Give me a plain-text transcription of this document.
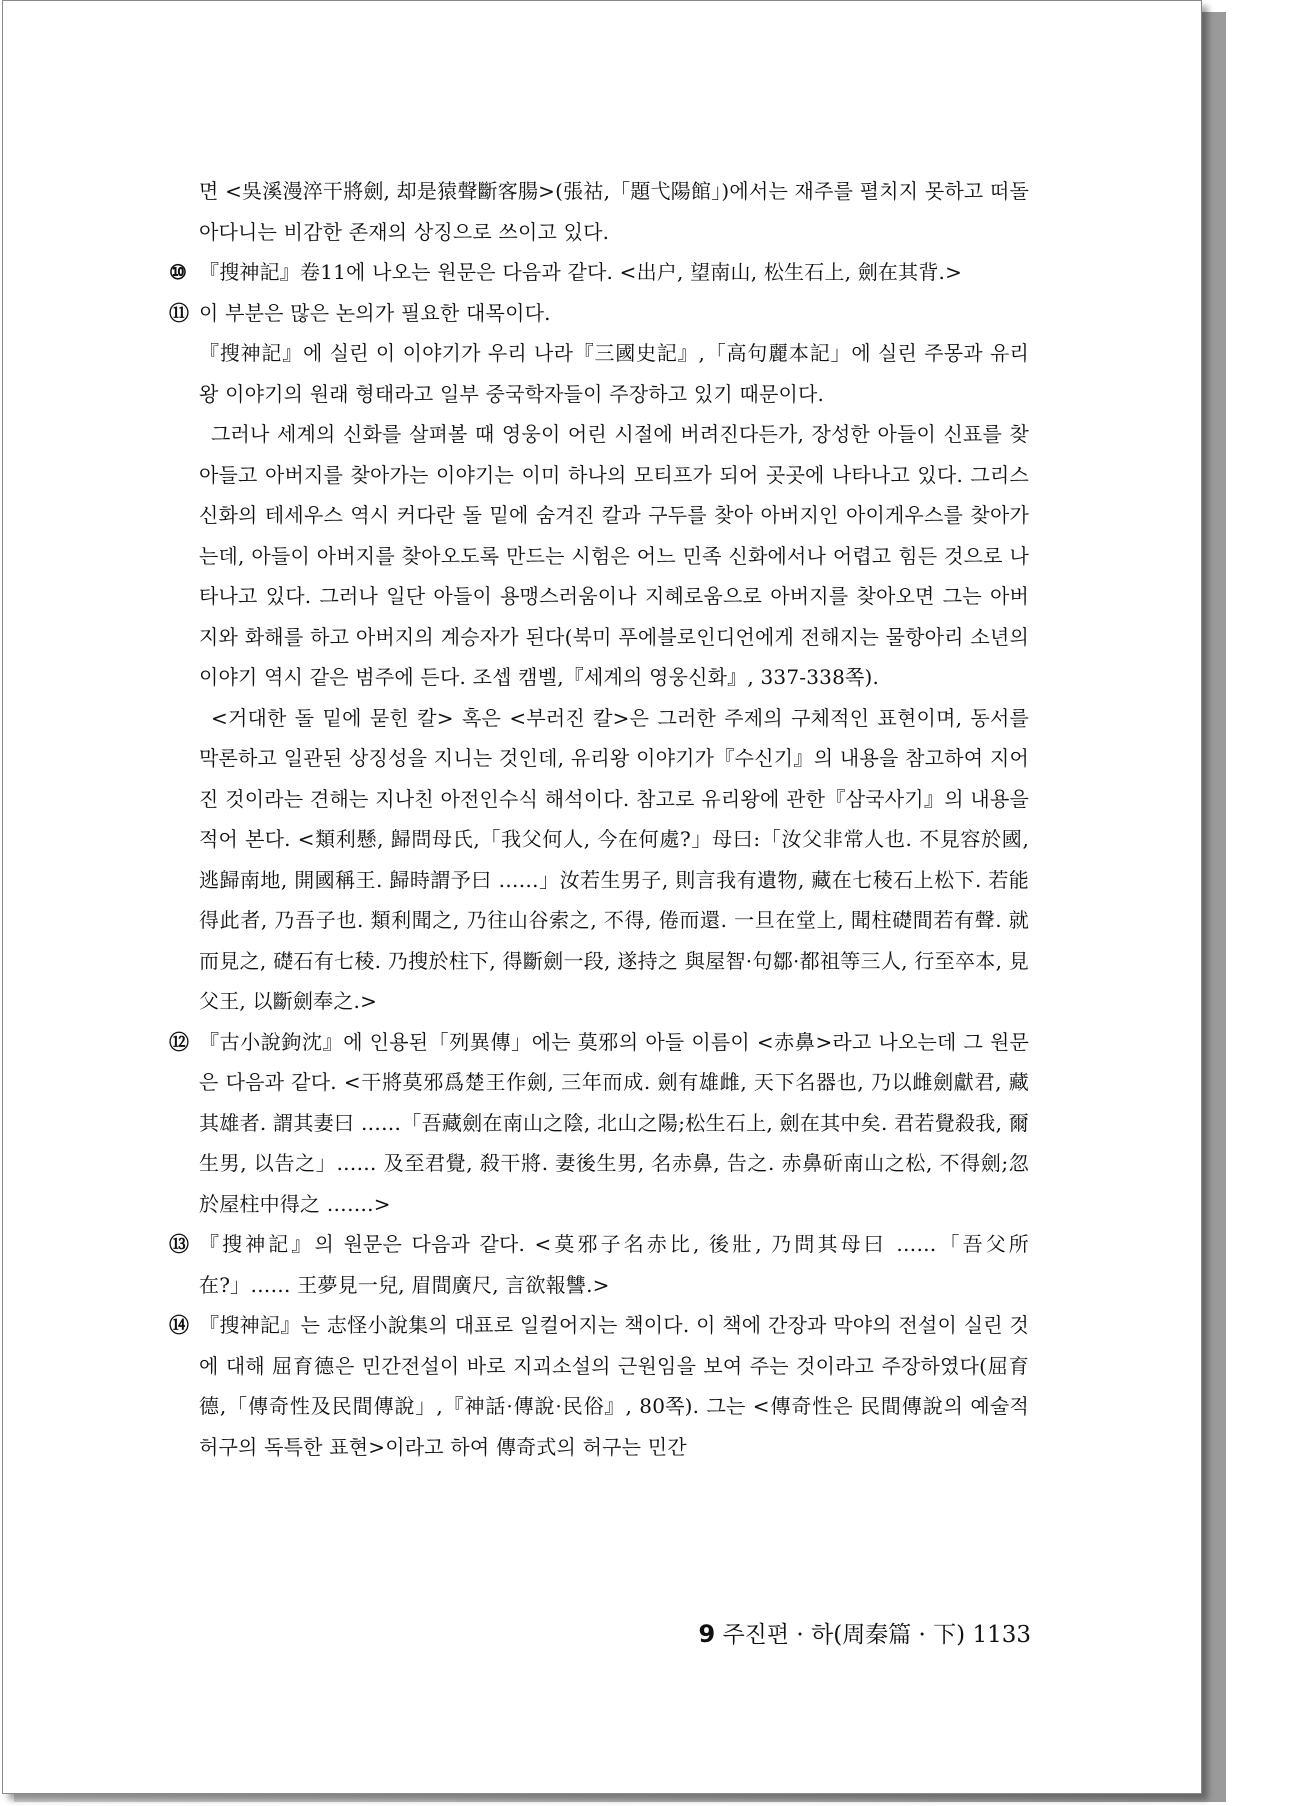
면 <吳溪漫淬干將劍, 却是猿聲斷客腸>(張祜,「題弋陽館」)에서는 재주를 펼치지 못하고 떠돌아다니는 비감한 존재의 상징으로 쓰이고 있다.

⑩ 『搜神記』卷11에 나오는 원문은 다음과 같다. <出户, 望南山, 松生石上, 劍在其背.>
⑪ 이 부분은 많은 논의가 필요한 대목이다.

『搜神記』에 실린 이 이야기가 우리 나라『三國史記』,「高句麗本記」에 실린 주몽과 유리왕 이야기의 원래 형태라고 일부 중국학자들이 주장하고 있기 때문이다.

그러나 세계의 신화를 살펴볼 때 영웅이 어린 시절에 버려진다든가, 장성한 아들이 신표를 찾아들고 아버지를 찾아가는 이야기는 이미 하나의 모티프가 되어 곳곳에 나타나고 있다. 그리스 신화의 테세우스 역시 커다란 돌 밑에 숨겨진 칼과 구두를 찾아 아버지인 아이게우스를 찾아가는데, 아들이 아버지를 찾아오도록 만드는 시험은 어느 민족 신화에서나 어렵고 힘든 것으로 나타나고 있다. 그러나 일단 아들이 용맹스러움이나 지혜로움으로 아버지를 찾아오면 그는 아버지와 화해를 하고 아버지의 계승자가 된다(북미 푸에블로인디언에게 전해지는 물항아리 소년의 이야기 역시 같은 범주에 든다. 조셉 캠벨,『세계의 영웅신화』, 337-338쪽).

<거대한 돌 밑에 묻힌 칼> 혹은 <부러진 칼>은 그러한 주제의 구체적인 표현이며, 동서를 막론하고 일관된 상징성을 지니는 것인데, 유리왕 이야기가『수신기』의 내용을 참고하여 지어진 것이라는 견해는 지나친 아전인수식 해석이다. 참고로 유리왕에 관한『삼국사기』의 내용을 적어 본다. <類利懸, 歸問母氏,「我父何人, 今在何處?」母曰:「汝父非常人也. 不見容於國, 逃歸南地, 開國稱王. 歸時謂予曰 ……」汝若生男子, 則言我有遺物, 藏在七稜石上松下. 若能得此者, 乃吾子也. 類利聞之, 乃往山谷索之, 不得, 倦而還. 一旦在堂上, 聞柱礎間若有聲. 就而見之, 礎石有七稜. 乃搜於柱下, 得斷劍一段, 遂持之 與屋智·句鄒·都祖等三人, 行至卒本, 見父王, 以斷劍奉之.>

⑫ 『古小說鉤沈』에 인용된「列異傳」에는 莫邪의 아들 이름이 <赤鼻>라고 나오는데 그 원문은 다음과 같다. <干將莫邪爲楚王作劍, 三年而成. 劍有雄雌, 天下名器也, 乃以雌劍獻君, 藏其雄者. 謂其妻曰 ……「吾藏劍在南山之陰, 北山之陽;松生石上, 劍在其中矣. 君若覺殺我, 爾生男, 以告之」…… 及至君覺, 殺干將. 妻後生男, 名赤鼻, 告之. 赤鼻斫南山之松, 不得劍;忽於屋柱中得之 …….>
⑬ 『搜神記』의 원문은 다음과 같다. <莫邪子名赤比, 後壯, 乃問其母曰 ……「吾父所在?」…… 王夢見一兒, 眉間廣尺, 言欲報讐.>
⑭ 『搜神記』는 志怪小說集의 대표로 일컬어지는 책이다. 이 책에 간장과 막야의 전설이 실린 것에 대해 屈育德은 민간전설이 바로 지괴소설의 근원임을 보여 주는 것이라고 주장하였다(屈育德,「傳奇性及民間傳說」,『神話·傳說·民俗』, 80쪽). 그는 <傳奇性은 民間傳說의 예술적 허구의 독특한 표현>이라고 하여 傳奇式의 허구는 민간
9 주진편 · 하(周秦篇 · 下) 1133
